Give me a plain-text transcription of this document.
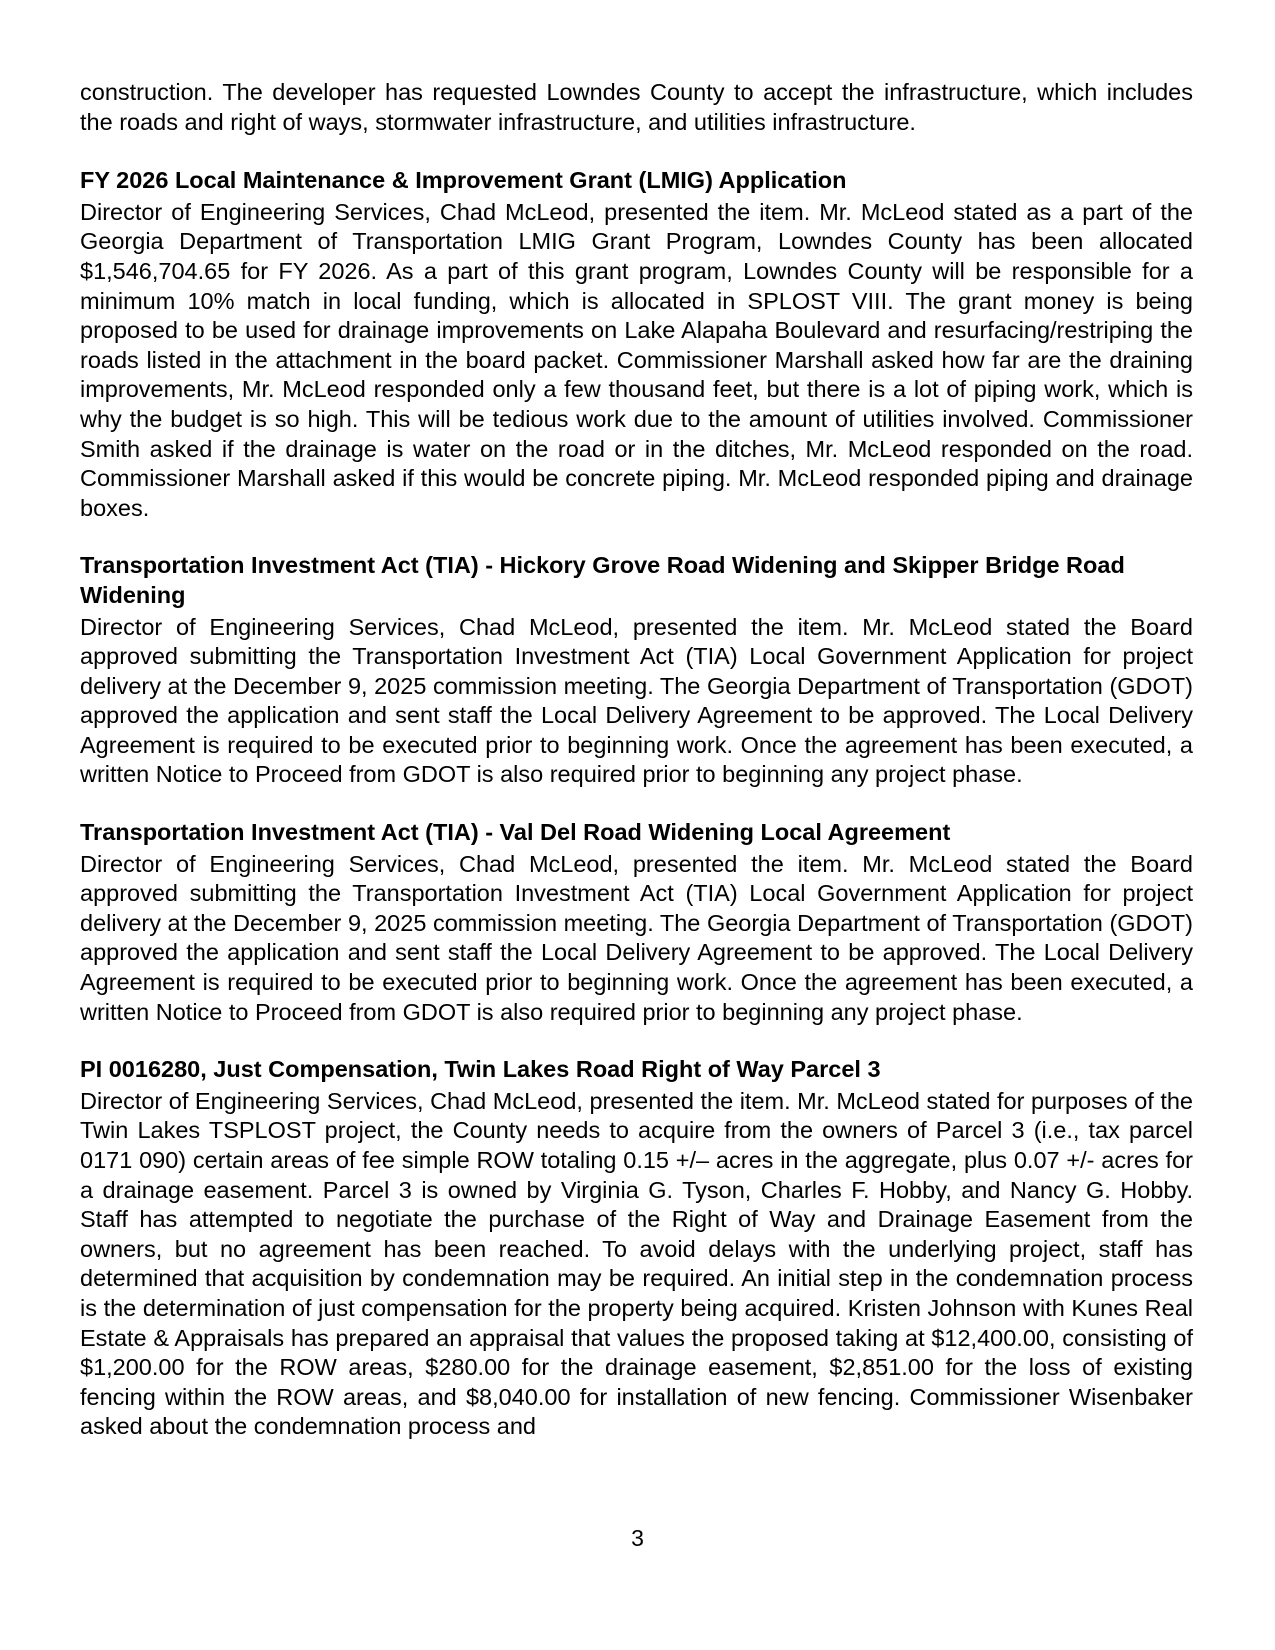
construction. The developer has requested Lowndes County to accept the infrastructure, which includes the roads and right of ways, stormwater infrastructure, and utilities infrastructure.

FY 2026 Local Maintenance & Improvement Grant (LMIG) Application

Director of Engineering Services, Chad McLeod, presented the item. Mr. McLeod stated as a part of the Georgia Department of Transportation LMIG Grant Program, Lowndes County has been allocated $1,546,704.65 for FY 2026. As a part of this grant program, Lowndes County will be responsible for a minimum 10% match in local funding, which is allocated in SPLOST VIII. The grant money is being proposed to be used for drainage improvements on Lake Alapaha Boulevard and resurfacing/restriping the roads listed in the attachment in the board packet. Commissioner Marshall asked how far are the draining improvements, Mr. McLeod responded only a few thousand feet, but there is a lot of piping work, which is why the budget is so high. This will be tedious work due to the amount of utilities involved. Commissioner Smith asked if the drainage is water on the road or in the ditches, Mr. McLeod responded on the road. Commissioner Marshall asked if this would be concrete piping. Mr. McLeod responded piping and drainage boxes.

Transportation Investment Act (TIA) - Hickory Grove Road Widening and Skipper Bridge Road Widening

Director of Engineering Services, Chad McLeod, presented the item. Mr. McLeod stated the Board approved submitting the Transportation Investment Act (TIA) Local Government Application for project delivery at the December 9, 2025 commission meeting. The Georgia Department of Transportation (GDOT) approved the application and sent staff the Local Delivery Agreement to be approved. The Local Delivery Agreement is required to be executed prior to beginning work. Once the agreement has been executed, a written Notice to Proceed from GDOT is also required prior to beginning any project phase.

Transportation Investment Act (TIA) - Val Del Road Widening Local Agreement

Director of Engineering Services, Chad McLeod, presented the item. Mr. McLeod stated the Board approved submitting the Transportation Investment Act (TIA) Local Government Application for project delivery at the December 9, 2025 commission meeting. The Georgia Department of Transportation (GDOT) approved the application and sent staff the Local Delivery Agreement to be approved. The Local Delivery Agreement is required to be executed prior to beginning work. Once the agreement has been executed, a written Notice to Proceed from GDOT is also required prior to beginning any project phase.

PI 0016280, Just Compensation, Twin Lakes Road Right of Way Parcel 3

Director of Engineering Services, Chad McLeod, presented the item. Mr. McLeod stated for purposes of the Twin Lakes TSPLOST project, the County needs to acquire from the owners of Parcel 3 (i.e., tax parcel 0171 090) certain areas of fee simple ROW totaling 0.15 +/– acres in the aggregate, plus 0.07 +/- acres for a drainage easement. Parcel 3 is owned by Virginia G. Tyson, Charles F. Hobby, and Nancy G. Hobby. Staff has attempted to negotiate the purchase of the Right of Way and Drainage Easement from the owners, but no agreement has been reached. To avoid delays with the underlying project, staff has determined that acquisition by condemnation may be required. An initial step in the condemnation process is the determination of just compensation for the property being acquired. Kristen Johnson with Kunes Real Estate & Appraisals has prepared an appraisal that values the proposed taking at $12,400.00, consisting of $1,200.00 for the ROW areas, $280.00 for the drainage easement, $2,851.00 for the loss of existing fencing within the ROW areas, and $8,040.00 for installation of new fencing. Commissioner Wisenbaker asked about the condemnation process and

3
